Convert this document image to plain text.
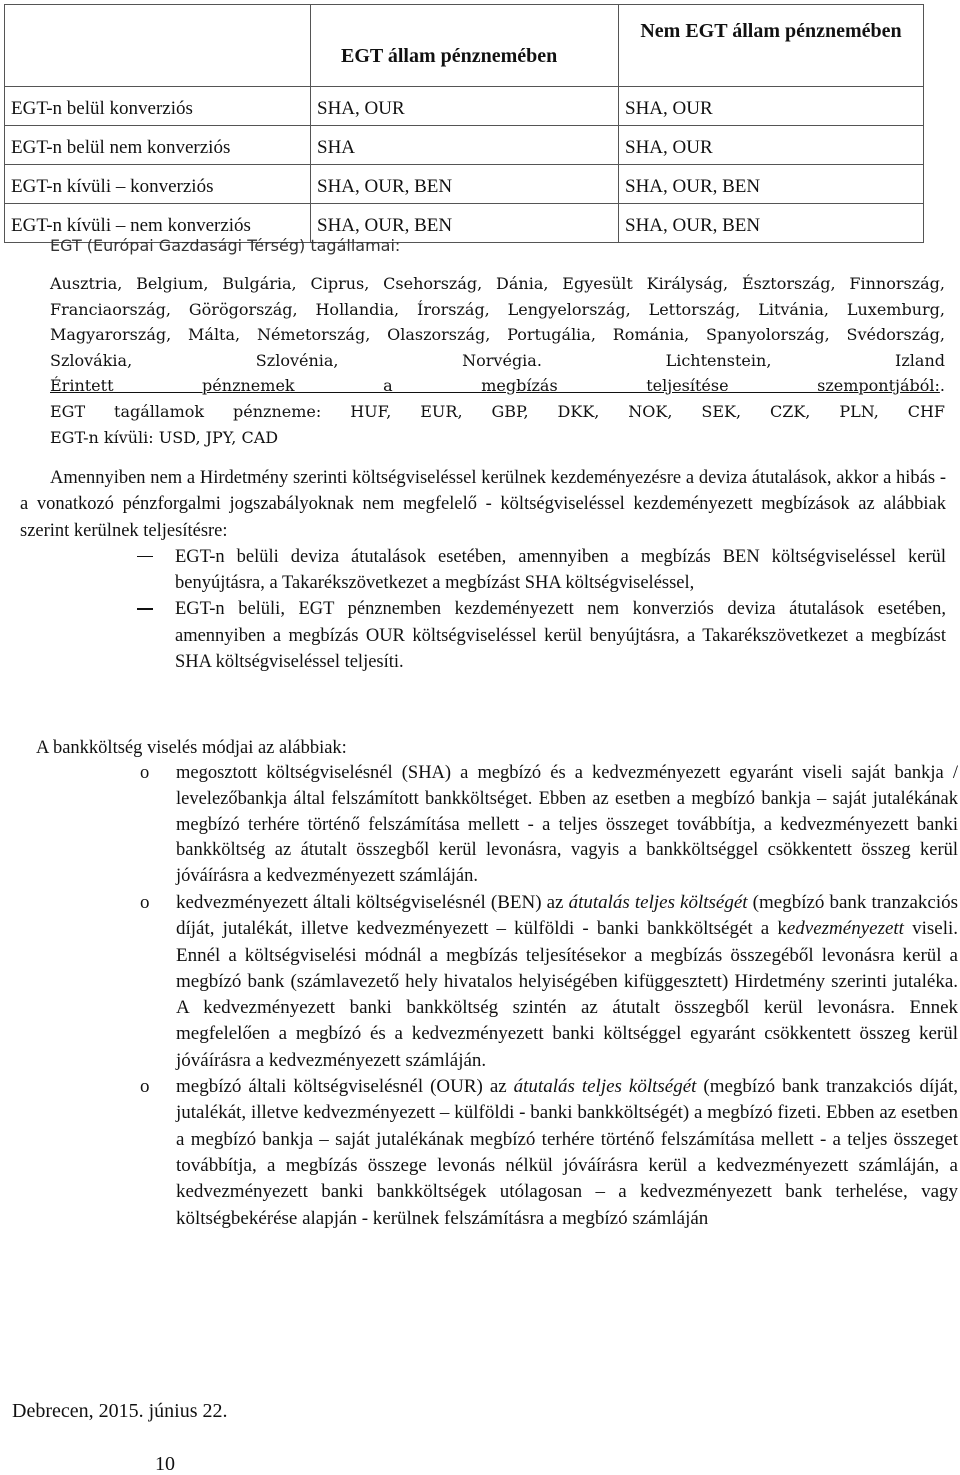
	EGT állam pénznemében	Nem EGT állam pénznemében
EGT-n belül konverziós	SHA, OUR	SHA, OUR
EGT-n belül nem konverziós	SHA	SHA, OUR
EGT-n kívüli – konverziós	SHA, OUR, BEN	SHA, OUR, BEN
EGT-n kívüli – nem konverziós	SHA, OUR, BEN	SHA, OUR, BEN
EGT (Európai Gazdasági Térség) tagállamai:

Ausztria, Belgium, Bulgária, Ciprus, Csehország, Dánia, Egyesült Királyság, Észtország, Finnország, Franciaország, Görögország, Hollandia, Írország, Lengyelország, Lettország, Litvánia, Luxemburg, Magyarország, Málta, Németország, Olaszország, Portugália, Románia, Spanyolország, Svédország, Szlovákia, Szlovénia, Norvégia. Lichtenstein, Izland

Érintett pénznemek a megbízás teljesítése szempontjából:.
EGT tagállamok pénzneme: HUF, EUR, GBP, DKK, NOK, SEK, CZK, PLN, CHF
EGT-n kívüli: USD, JPY, CAD

Amennyiben nem a Hirdetmény szerinti költségviseléssel kerülnek kezdeményezésre a deviza átutalások, akkor a hibás - a vonatkozó pénzforgalmi jogszabályoknak nem megfelelő - költségviseléssel kezdeményezett megbízások az alábbiak szerint kerülnek teljesítésre:

EGT-n belüli deviza átutalások esetében, amennyiben a megbízás BEN költségviseléssel kerül benyújtásra, a Takarékszövetkezet a megbízást SHA költségviseléssel,
EGT-n belüli, EGT pénznemben kezdeményezett nem konverziós deviza átutalások esetében, amennyiben a megbízás OUR költségviseléssel kerül benyújtásra, a Takarékszövetkezet a megbízást SHA költségviseléssel teljesíti.

A bankköltség viselés módjai az alábbiak:

o megosztott költségviselésnél (SHA) a megbízó és a kedvezményezett egyaránt viseli saját bankja / levelezőbankja által felszámított bankköltséget. Ebben az esetben a megbízó bankja – saját jutalékának megbízó terhére történő felszámítása mellett - a teljes összeget továbbítja, a kedvezményezett banki bankköltség az átutalt összegből kerül levonásra, vagyis a bankköltséggel csökkentett összeg kerül jóváírásra a kedvezményezett számláján.
o kedvezményezett általi költségviselésnél (BEN) az átutalás teljes költségét (megbízó bank tranzakciós díját, jutalékát, illetve kedvezményezett – külföldi - banki bankköltségét a kedvezményezett viseli. Ennél a költségviselési módnál a megbízás teljesítésekor a megbízás összegéből levonásra kerül a megbízó bank (számlavezető hely hivatalos helyiségében kifüggesztett) Hirdetmény szerinti jutaléka. A kedvezményezett banki bankköltség szintén az átutalt összegből kerül levonásra. Ennek megfelelően a megbízó és a kedvezményezett banki költséggel egyaránt csökkentett összeg kerül jóváírásra a kedvezményezett számláján.
o megbízó általi költségviselésnél (OUR) az átutalás teljes költségét (megbízó bank tranzakciós díját, jutalékát, illetve kedvezményezett – külföldi - banki bankköltségét) a megbízó fizeti. Ebben az esetben a megbízó bankja – saját jutalékának megbízó terhére történő felszámítása mellett - a teljes összeget továbbítja, a megbízás összege levonás nélkül jóváírásra kerül a kedvezményezett számláján, a kedvezményezett banki bankköltségek utólagosan – a kedvezményezett bank terhelése, vagy költségbekérése alapján - kerülnek felszámításra a megbízó számláján
Debrecen, 2015. június 22.
10
